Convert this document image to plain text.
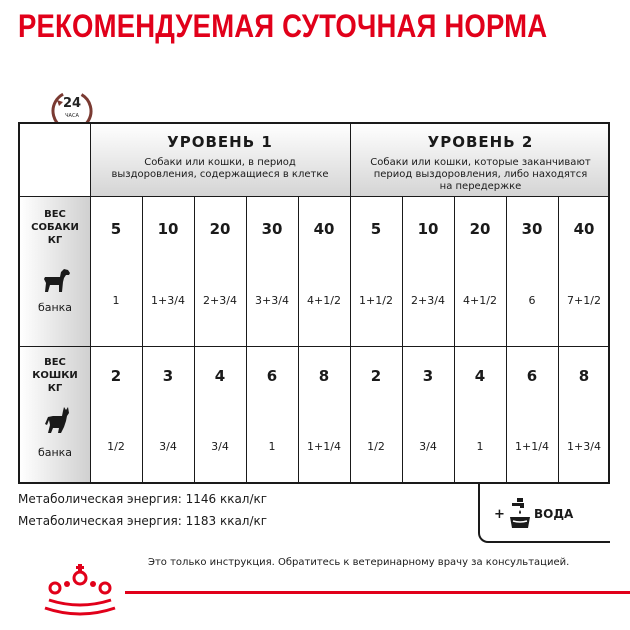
РЕКОМЕНДУЕМАЯ СУТОЧНАЯ НОРМА
24
ЧАСА
УРОВЕНЬ 1
Собаки или кошки, в период
выздоровления, содержащиеся в клетке
УРОВЕНЬ 2
Собаки или кошки, которые заканчивают
период выздоровления, либо находятся
на передержке
ВЕС
СОБАКИ
КГ
банка
ВЕС
КОШКИ
КГ
банка
5	10	20	30	40	5	10	20	30	40
1	1+3/4	2+3/4	3+3/4	4+1/2	1+1/2	2+3/4	4+1/2	6	7+1/2
2	3	4	6	8	2	3	4	6	8
1/2	3/4	3/4	1	1+1/4	1/2	3/4	1	1+1/4	1+3/4
Метаболическая энергия: 1146 ккал/кг
Метаболическая энергия: 1183 ккал/кг	+ ВОДА
Это только инструкция. Обратитесь к ветеринарному врачу за консультацией.
